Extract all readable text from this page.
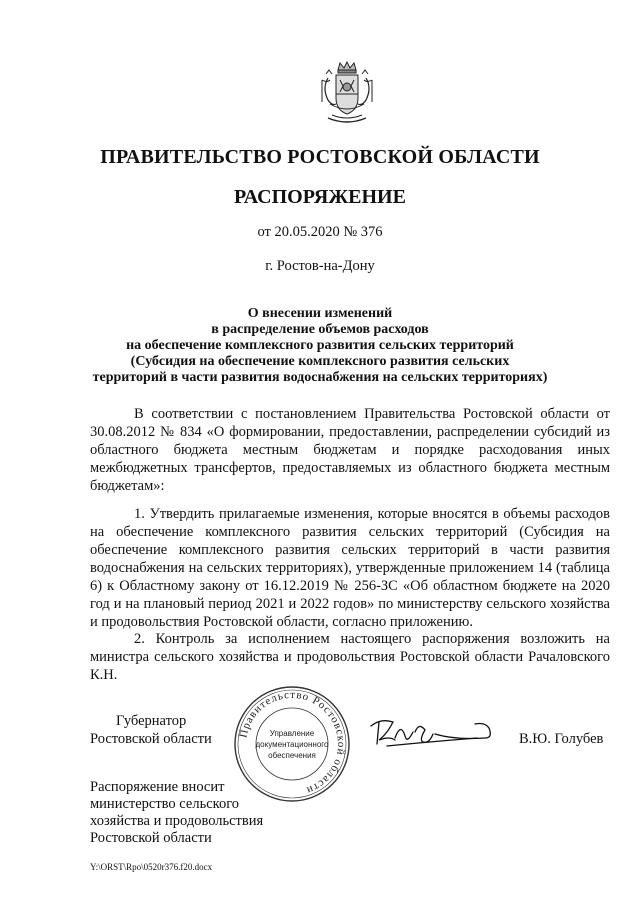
ПРАВИТЕЛЬСТВО РОСТОВСКОЙ ОБЛАСТИ
РАСПОРЯЖЕНИЕ
от 20.05.2020 № 376
г. Ростов-на-Дону
О внесении изменений
в распределение объемов расходов
на обеспечение комплексного развития сельских территорий
(Субсидия на обеспечение комплексного развития сельских
территорий в части развития водоснабжения на сельских территориях)

В соответствии с постановлением Правительства Ростовской области от 30.08.2012 № 834 «О формировании, предоставлении, распределении субсидий из областного бюджета местным бюджетам и порядке расходования иных межбюджетных трансфертов, предоставляемых из областного бюджета местным бюджетам»:

1. Утвердить прилагаемые изменения, которые вносятся в объемы расходов на обеспечение комплексного развития сельских территорий (Субсидия на обеспечение комплексного развития сельских территорий в части развития водоснабжения на сельских территориях), утвержденные приложением 14 (таблица 6) к Областному закону от 16.12.2019 № 256-ЗС «Об областном бюджете на 2020 год и на плановый период 2021 и 2022 годов» по министерству сельского хозяйства и продовольствия Ростовской области, согласно приложению.

2. Контроль за исполнением настоящего распоряжения возложить на министра сельского хозяйства и продовольствия Ростовской области Рачаловского К.Н.

Губернатор
Ростовской области Правительство Ростовской области
Управление
документационного
обеспечения
В.Ю. Голубев
Распоряжение вносит
министерство сельского
хозяйства и продовольствия
Ростовской области
Y:\ORST\Rpo\0520r376.f20.docx
